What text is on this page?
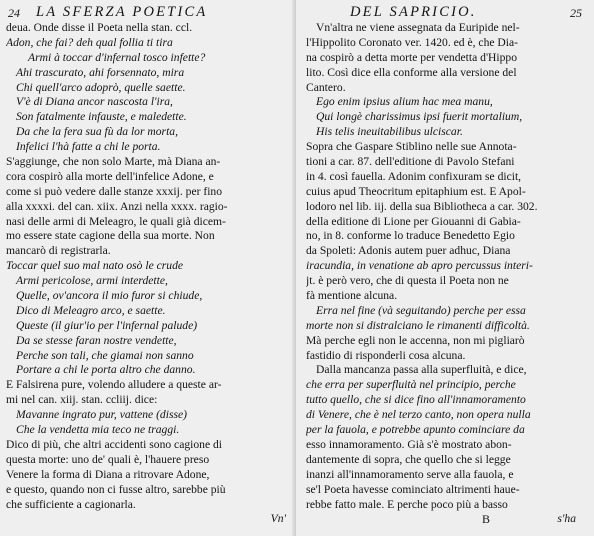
24 LA SFERZA POETICA
deua. Onde disse il Poeta nella stan. ccl.
Adon, che fai? deh qual follia ti tira
Armi à toccar d'infernal tosco infette?
Ahi trascurato, ahi forsennato, mira
Chi quell'arco adoprò, quelle saette.
V'è di Diana ancor nascosta l'ira,
Son fatalmente infauste, e maledette.
Da che la fera sua fù da lor morta,
Infelici l'hà fatte a chi le porta.
S'aggiunge, che non solo Marte, mà Diana an-
cora cospirò alla morte dell'infelice Adone, e
come si può vedere dalle stanze xxxij. per fino
alla xxxxi. del can. xiix. Anzi nella xxxx. ragio-
nasi delle armi di Meleagro, le quali già dicem-
mo essere state cagione della sua morte. Non
mancarò di registrarla.
Toccar quel suo mal nato osò le crude
Armi pericolose, armi interdette,
Quelle, ov'ancora il mio furor si chiude,
Dico di Meleagro arco, e saette.
Queste (il giur'io per l'infernal palude)
Da se stesse faran nostre vendette,
Perche son tali, che giamai non sanno
Portare a chi le porta altro che danno.
E Falsirena pure, volendo alludere a queste ar-
mi nel can. xiij. stan. ccliij. dice:
Mavanne ingrato pur, vattene (disse)
Che la vendetta mia teco ne traggi.
Dico di più, che altri accidenti sono cagione di
questa morte: uno de' quali è, l'hauere preso
Venere la forma di Diana a ritrovare Adone,
e questo, quando non ci fusse altro, sarebbe più
che sufficiente a cagionarla.
Vn'
DEL SAPRICIO.	25
Vn'altra ne viene assegnata da Euripide nel-
l'Hippolito Coronato ver. 1420. ed è, che Dia-
na cospirò a detta morte per vendetta d'Hippo
lito. Così dice ella conforme alla versione del
Cantero.
Ego enim ipsius alium hac mea manu,
Qui longè charissimus ipsi fuerit mortalium,
His telis ineuitabilibus ulciscar.
Sopra che Gaspare Stiblino nelle sue Annota-
tioni a car. 87. dell'editione di Pavolo Stefani
in 4. così fauella. Adonim confixuram se dicit,
cuius apud Theocritum epitaphium est. E Apol-
lodoro nel lib. iij. della sua Bibliotheca a car. 302.
della editione di Lione per Giouanni di Gabia-
no, in 8. conforme lo traduce Benedetto Egio
da Spoleti: Adonis autem puer adhuc, Diana
iracundia, in venatione ab apro percussus interi-
jt. è però vero, che di questa il Poeta non ne
fà mentione alcuna.
Erra nel fine (và seguitando) perche per essa
morte non si distralciano le rimanenti difficoltà.
Mà perche egli non le accenna, non mi pigliarò
fastidio di risponderli cosa alcuna.
Dalla mancanza passa alla superfluità, e dice,
che erra per superfluità nel principio, perche
tutto quello, che si dice fino all'innamoramento
di Venere, che è nel terzo canto, non opera nulla
per la fauola, e potrebbe apunto cominciare da
esso innamoramento. Già s'è mostrato abon-
dantemente di sopra, che quello che si legge
inanzi all'innamoramento serve alla fauola, e
se'l Poeta havesse cominciato altrimenti haue-
rebbe fatto male. E perche poco più a basso
B	s'ha
